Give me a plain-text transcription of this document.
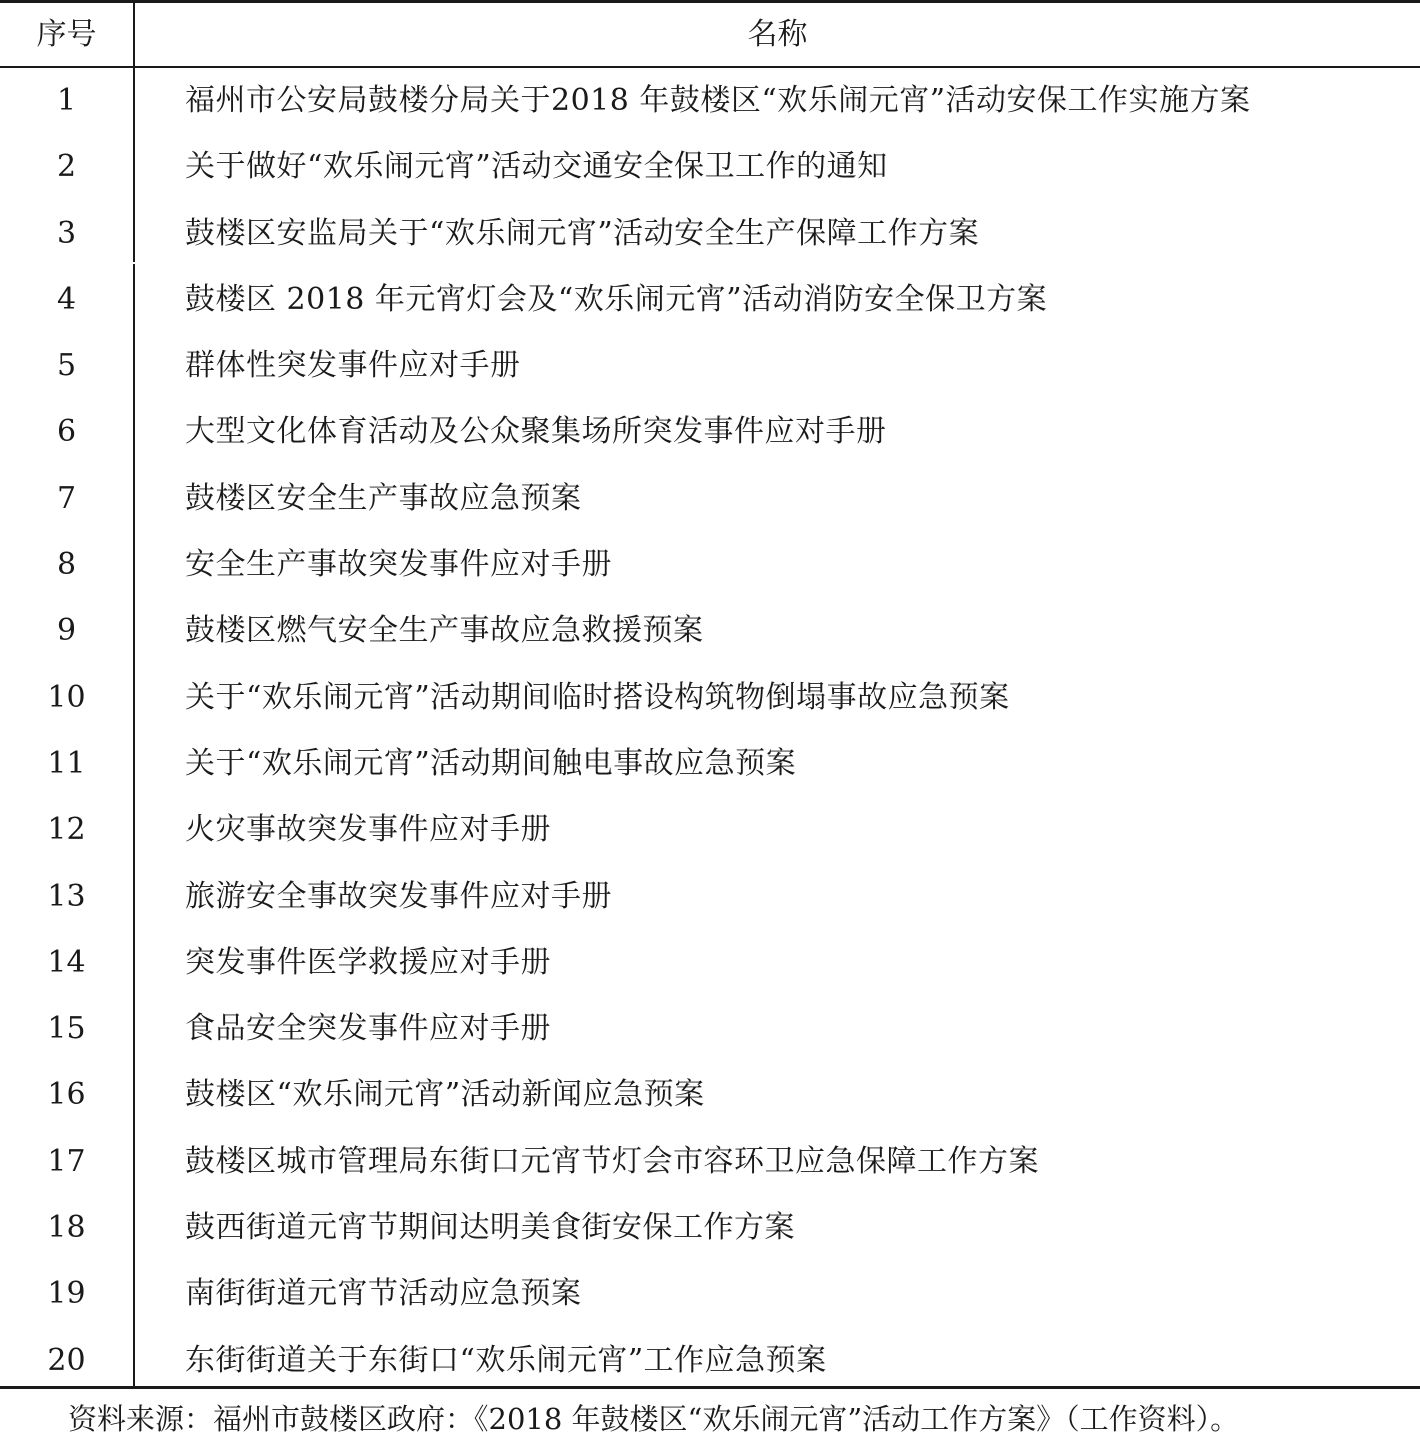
序号	名称
1	福州市公安局鼓楼分局关于2018 年鼓楼区“欢乐闹元宵”活动安保工作实施方案
2	关于做好“欢乐闹元宵”活动交通安全保卫工作的通知
3	鼓楼区安监局关于“欢乐闹元宵”活动安全生产保障工作方案
4	鼓楼区 2018 年元宵灯会及“欢乐闹元宵”活动消防安全保卫方案
5	群体性突发事件应对手册
6	大型文化体育活动及公众聚集场所突发事件应对手册
7	鼓楼区安全生产事故应急预案
8	安全生产事故突发事件应对手册
9	鼓楼区燃气安全生产事故应急救援预案
10	关于“欢乐闹元宵”活动期间临时搭设构筑物倒塌事故应急预案
11	关于“欢乐闹元宵”活动期间触电事故应急预案
12	火灾事故突发事件应对手册
13	旅游安全事故突发事件应对手册
14	突发事件医学救援应对手册
15	食品安全突发事件应对手册
16	鼓楼区“欢乐闹元宵”活动新闻应急预案
17	鼓楼区城市管理局东街口元宵节灯会市容环卫应急保障工作方案
18	鼓西街道元宵节期间达明美食街安保工作方案
19	南街街道元宵节活动应急预案
20	东街街道关于东街口“欢乐闹元宵”工作应急预案
资料来源：福州市鼓楼区政府：《2018 年鼓楼区“欢乐闹元宵”活动工作方案》（工作资料）。
